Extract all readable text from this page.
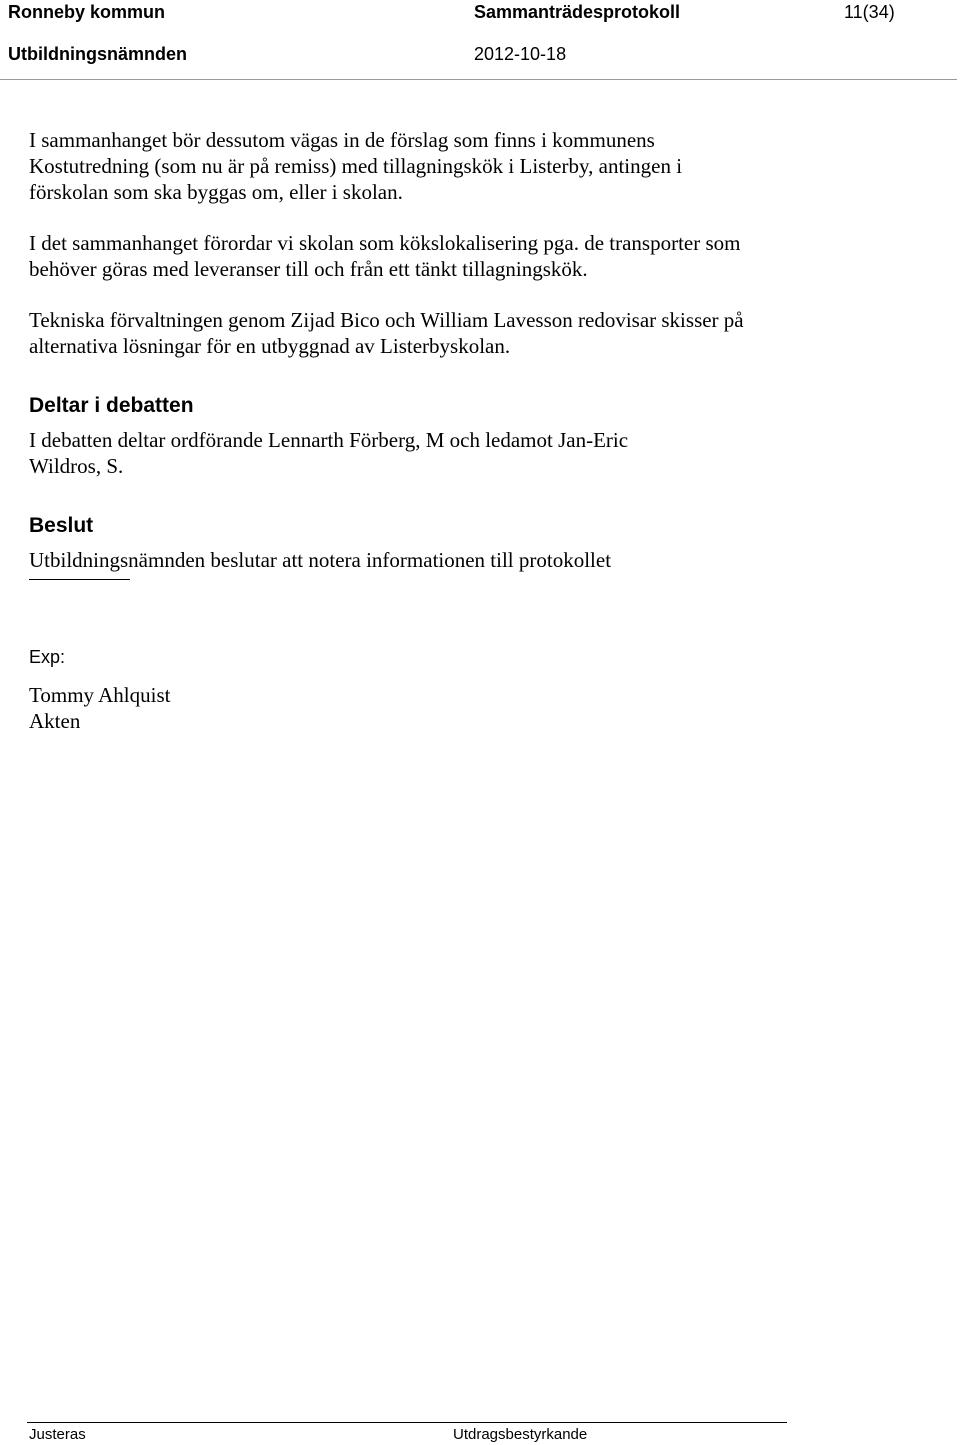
Ronneby kommun	Sammanträdesprotokoll	11(34)
Utbildningsnämnden	2012-10-18

I sammanhanget bör dessutom vägas in de förslag som finns i kommunens Kostutredning (som nu är på remiss) med tillagningskök i Listerby, antingen i förskolan som ska byggas om, eller i skolan.

I det sammanhanget förordar vi skolan som kökslokalisering pga. de transporter som behöver göras med leveranser till och från ett tänkt tillagningskök.

Tekniska förvaltningen genom Zijad Bico och William Lavesson redovisar skisser på alternativa lösningar för en utbyggnad av Listerbyskolan.

Deltar i debatten

I debatten deltar ordförande Lennarth Förberg, M och ledamot Jan-Eric Wildros, S.

Beslut

Utbildningsnämnden beslutar att notera informationen till protokollet

Exp:

Tommy Ahlquist

Akten

Justeras	Utdragsbestyrkande
